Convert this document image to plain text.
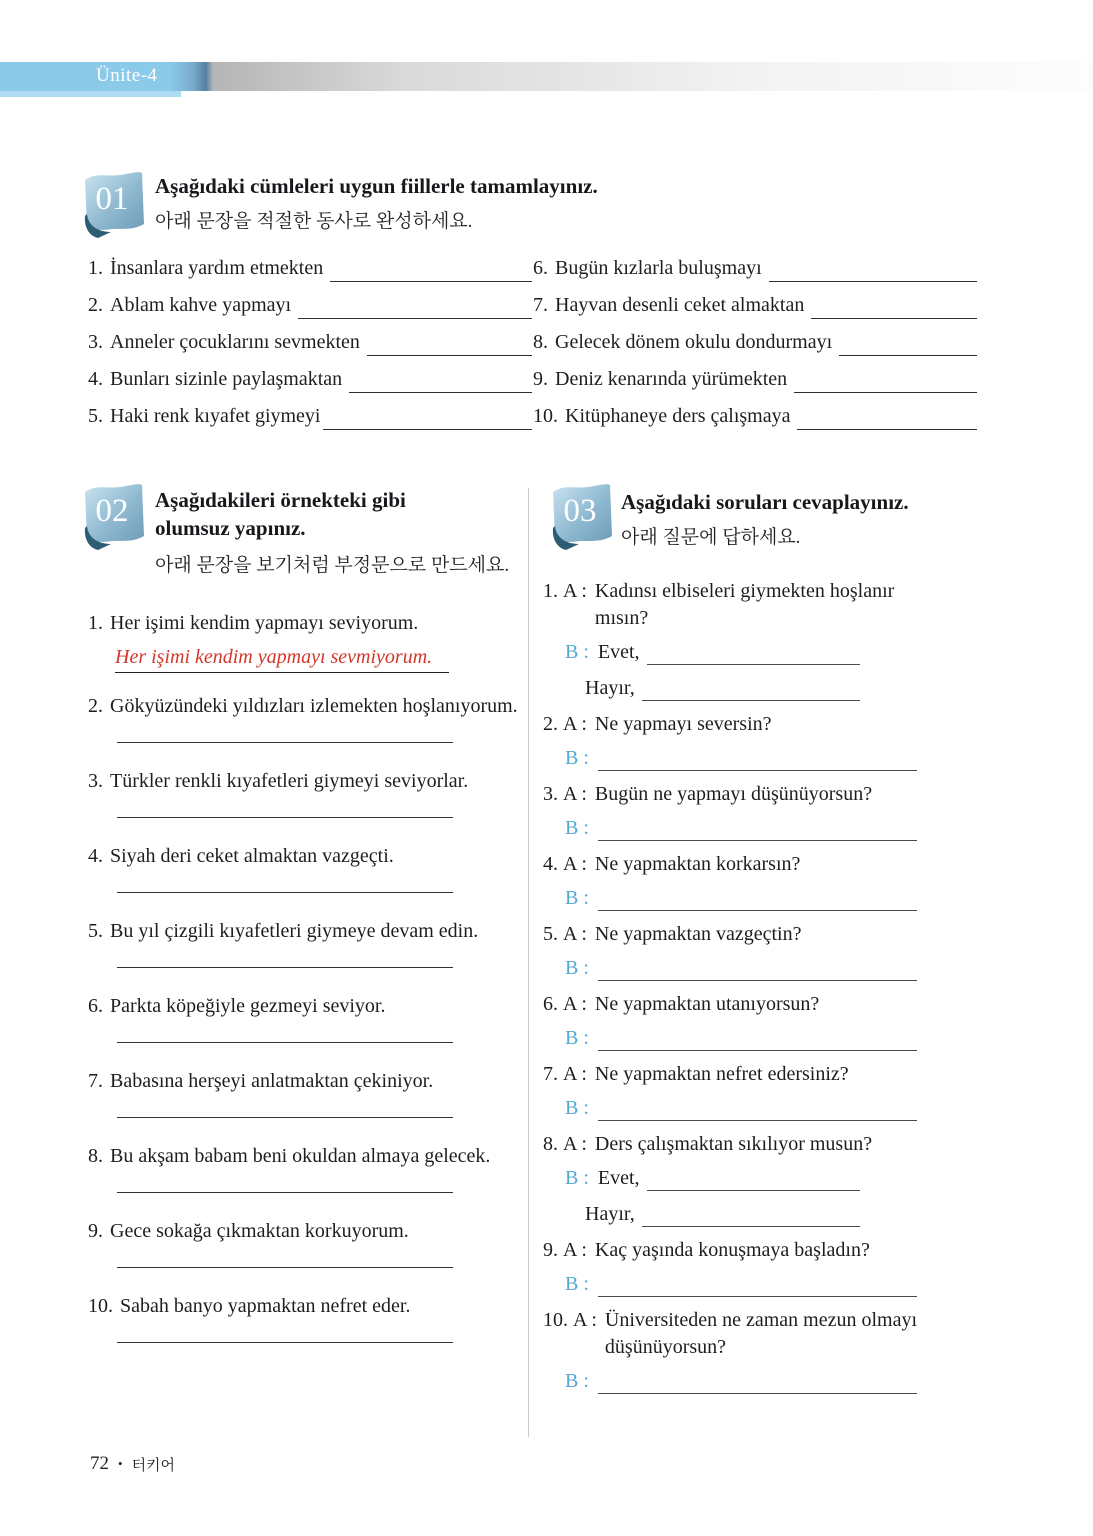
Ünite-4
01	Aşağıdaki cümleleri uygun fiillerle tamamlayınız.
아래 문장을 적절한 동사로 완성하세요.
1. İnsanlara yardım etmekten
2. Ablam kahve yapmayı
3. Anneler çocuklarını sevmekten
4. Bunları sizinle paylaşmaktan
5. Haki renk kıyafet giymeyi
6. Bugün kızlarla buluşmayı
7. Hayvan desenli ceket almaktan
8. Gelecek dönem okulu dondurmayı
9. Deniz kenarında yürümekten
10. Kitüphaneye ders çalışmaya
02	Aşağıdakileri örnekteki gibi olumsuz yapınız.
아래 문장을 보기처럼 부정문으로 만드세요.
1. Her işimi kendim yapmayı seviyorum.
Her işimi kendim yapmayı sevmiyorum.
2. Gökyüzündeki yıldızları izlemekten hoşlanıyorum.
3. Türkler renkli kıyafetleri giymeyi seviyorlar.
4. Siyah deri ceket almaktan vazgeçti.
5. Bu yıl çizgili kıyafetleri giymeye devam edin.
6. Parkta köpeğiyle gezmeyi seviyor.
7. Babasına herşeyi anlatmaktan çekiniyor.
8. Bu akşam babam beni okuldan almaya gelecek.
9. Gece sokağa çıkmaktan korkuyorum.
10. Sabah banyo yapmaktan nefret eder.
03	Aşağıdaki soruları cevaplayınız.
아래 질문에 답하세요.
1. A : Kadınsı elbiseleri giymekten hoşlanır mısın?
B : Evet,
Hayır,
2. A : Ne yapmayı seversin?
B :
3. A : Bugün ne yapmayı düşünüyorsun?
B :
4. A : Ne yapmaktan korkarsın?
B :
5. A : Ne yapmaktan vazgeçtin?
B :
6. A : Ne yapmaktan utanıyorsun?
B :
7. A : Ne yapmaktan nefret edersiniz?
B :
8. A : Ders çalışmaktan sıkılıyor musun?
B : Evet,
Hayır,
9. A : Kaç yaşında konuşmaya başladın?
B :
10. A : Üniversiteden ne zaman mezun olmayı düşünüyorsun?
B :
72 • 터키어
